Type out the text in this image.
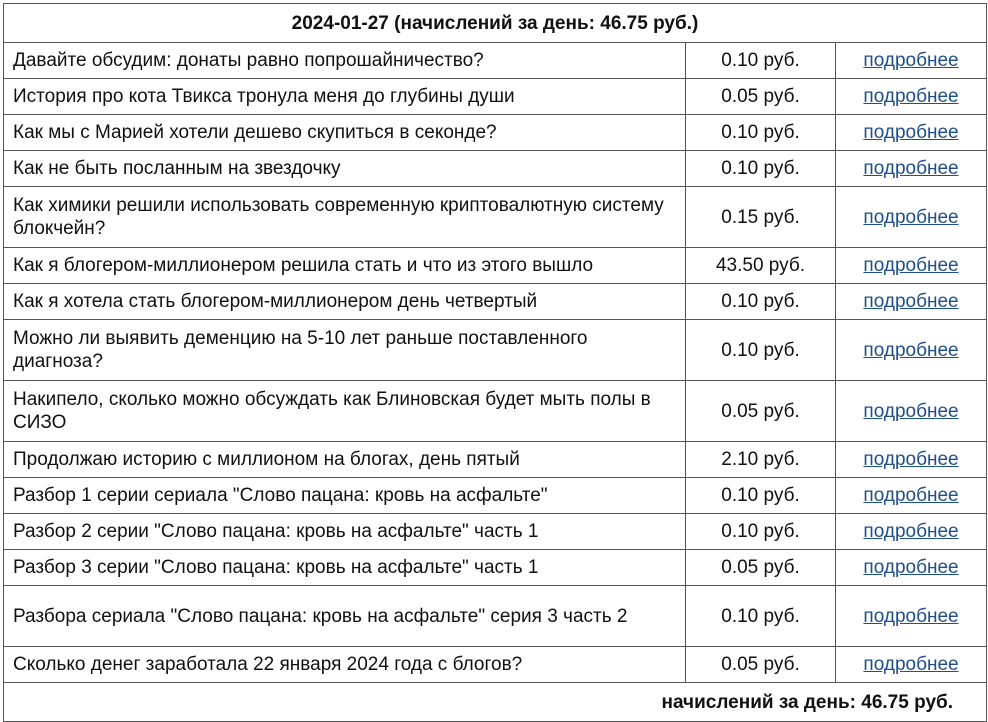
2024-01-27 (начислений за день: 46.75 руб.)		
Давайте обсудим: донаты равно попрошайничество?	0.10 руб.	подробнее
История про кота Твикса тронула меня до глубины души	0.05 руб.	подробнее
Как мы с Марией хотели дешево скупиться в секонде?	0.10 руб.	подробнее
Как не быть посланным на звездочку	0.10 руб.	подробнее
Как химики решили использовать современную криптовалютную систему блокчейн?	0.15 руб.	подробнее
Как я блогером-миллионером решила стать и что из этого вышло	43.50 руб.	подробнее
Как я хотела стать блогером-миллионером день четвертый	0.10 руб.	подробнее
Можно ли выявить деменцию на 5-10 лет раньше поставленного диагноза?	0.10 руб.	подробнее
Накипело, сколько можно обсуждать как Блиновская будет мыть полы в СИЗО	0.05 руб.	подробнее
Продолжаю историю с миллионом на блогах, день пятый	2.10 руб.	подробнее
Разбор 1 серии сериала "Слово пацана: кровь на асфальте"	0.10 руб.	подробнее
Разбор 2 серии "Слово пацана: кровь на асфальте" часть 1	0.10 руб.	подробнее
Разбор 3 серии "Слово пацана: кровь на асфальте" часть 1	0.05 руб.	подробнее
Разбора сериала "Слово пацана: кровь на асфальте" серия 3 часть 2	0.10 руб.	подробнее
Сколько денег заработала 22 января 2024 года с блогов?	0.05 руб.	подробнее
начислений за день: 46.75 руб.		
